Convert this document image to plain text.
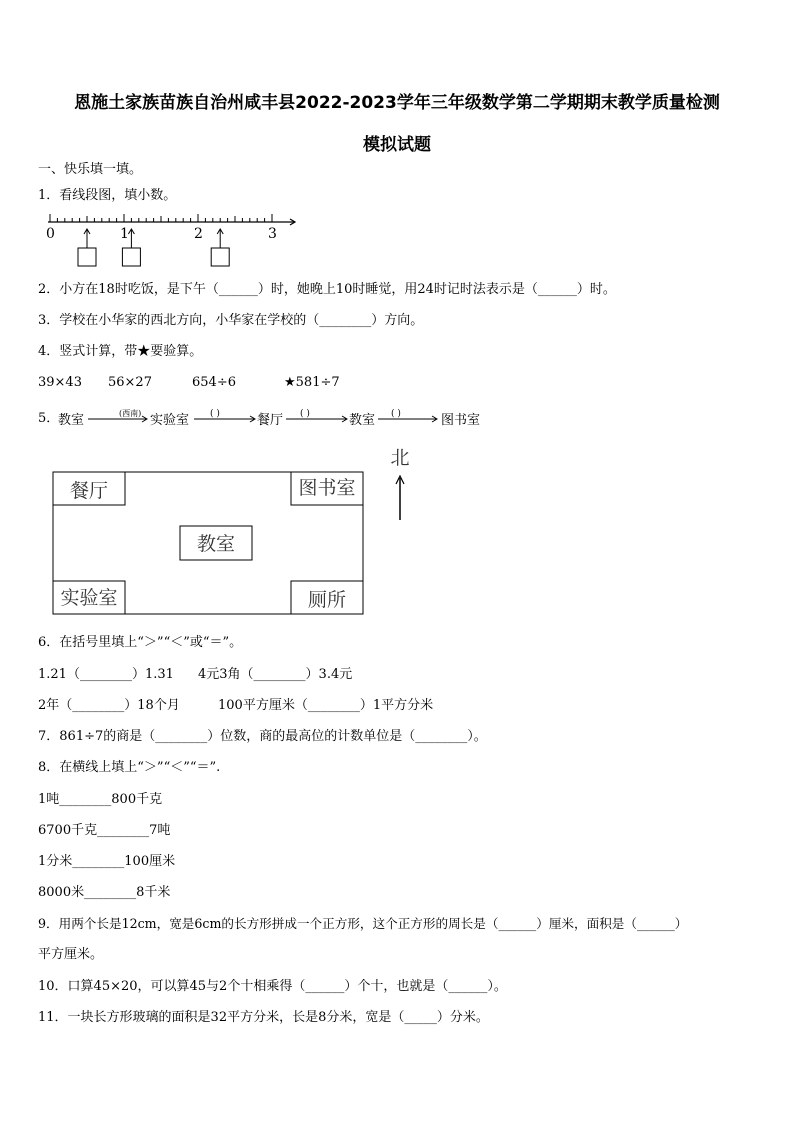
恩施土家族苗族自治州咸丰县2022-2023学年三年级数学第二学期期末教学质量检测
模拟试题
一、快乐填一填。
1．看线段图，填小数。
0	1	2	3
2．小方在18时吃饭，是下午（______）时，她晚上10时睡觉，用24时记时法表示是（______）时。
3．学校在小华家的西北方向，小华家在学校的（________）方向。
4．竖式计算，带★要验算。
39×43 56×27	654÷6	★581÷7
5．
教室	(西南) 实验室 ( )	餐厅 ( )	教室 ( )	图书室
餐厅	图书室
教室
实验室	厕所
北
6．在括号里填上“＞”“＜”或“＝”。
1.21（________）1.31 4元3角（________）3.4元
2年（________）18个月	100平方厘米（________）1平方分米
7．861÷7的商是（________）位数，商的最高位的计数单位是（________）。
8．在横线上填上“＞”“＜”“＝”.
1吨________800千克
6700千克________7吨
1分米________100厘米
8000米________8千米
9．用两个长是12cm，宽是6cm的长方形拼成一个正方形，这个正方形的周长是（______）厘米，面积是（______）
平方厘米。
10．口算45×20，可以算45与2个十相乘得（______）个十，也就是（______）。
11．一块长方形玻璃的面积是32平方分米，长是8分米，宽是（_____）分米。
